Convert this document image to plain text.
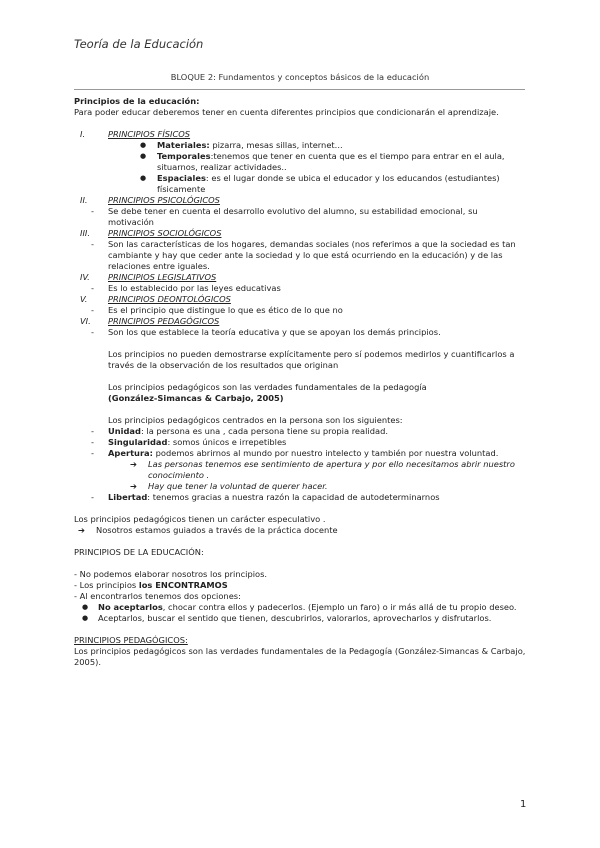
Teoría de la Educación
BLOQUE 2: Fundamentos y conceptos básicos de la educación
Principios de la educación:
Para poder educar deberemos tener en cuenta diferentes principios que condicionarán el aprendizaje.
I.	PRINCIPIOS FÍSICOS
● Materiales: pizarra, mesas sillas, internet...
● Temporales:tenemos que tener en cuenta que es el tiempo para entrar en el aula, situarnos, realizar actividades..
● Espaciales: es el lugar donde se ubica el educador y los educandos (estudiantes) físicamente
II.	PRINCIPIOS PSICOLÓGICOS
- Se debe tener en cuenta el desarrollo evolutivo del alumno, su estabilidad emocional, su motivación
III.	PRINCIPIOS SOCIOLÓGICOS
- Son las características de los hogares, demandas sociales (nos referimos a que la sociedad es tan cambiante y hay que ceder ante la sociedad y lo que está ocurriendo en la educación) y de las relaciones entre iguales.
IV.	PRINCIPIOS LEGISLATIVOS
- Es lo establecido por las leyes educativas
V.	PRINCIPIOS DEONTOLÓGICOS
- Es el principio que distingue lo que es ético de lo que no
VI.	PRINCIPIOS PEDAGÓGICOS
- Son los que establece la teoría educativa y que se apoyan los demás principios.
Los principios no pueden demostrarse explícitamente pero sí podemos medirlos y cuantificarlos a través de la observación de los resultados que originan
Los principios pedagógicos son las verdades fundamentales de la pedagogía
(González-Simancas & Carbajo, 2005)
Los principios pedagógicos centrados en la persona son los siguientes:
- Unidad: la persona es una , cada persona tiene su propia realidad.
- Singularidad: somos únicos e irrepetibles
- Apertura: podemos abrirnos al mundo por nuestro intelecto y también por nuestra voluntad.
➔ Las personas tenemos ese sentimiento de apertura y por ello necesitamos abrir nuestro conocimiento .
➔ Hay que tener la voluntad de querer hacer.
- Libertad: tenemos gracias a nuestra razón la capacidad de autodeterminarnos
Los principios pedagógicos tienen un carácter especulativo .
➔ Nosotros estamos guiados a través de la práctica docente
PRINCIPIOS DE LA EDUCACIÓN:
- No podemos elaborar nosotros los principios.
- Los principios los ENCONTRAMOS
- Al encontrarlos tenemos dos opciones:
● No aceptarlos, chocar contra ellos y padecerlos. (Ejemplo un faro) o ir más allá de tu propio deseo.
● Aceptarlos, buscar el sentido que tienen, descubrirlos, valorarlos, aprovecharlos y disfrutarlos.
PRINCIPIOS PEDAGÓGICOS:
Los principios pedagógicos son las verdades fundamentales de la Pedagogía (González-Simancas & Carbajo, 2005).
1
